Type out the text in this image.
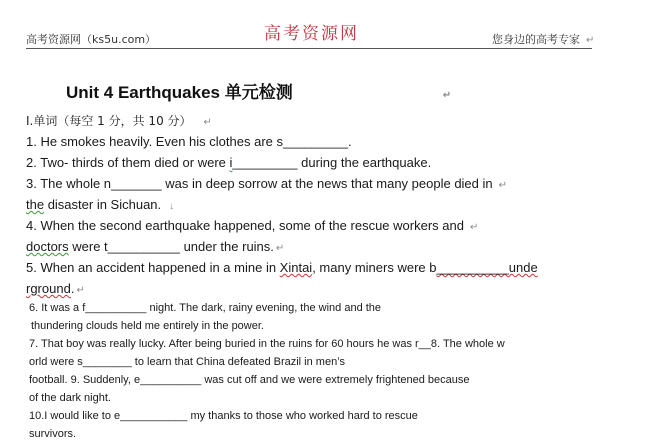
高考资源网（ks5u.com）	高考资源网	您身边的高考专家 ↵
Unit 4 Earthquakes 单元检测	↵
Ⅰ.单词（每空 1 分，共 10 分） ↵
1. He smokes heavily. Even his clothes are s_________.
2. Two- thirds of them died or were i_________ during the earthquake.
3. The whole n_______ was in deep sorrow at the news that many people died in ↵
the disaster in Sichuan. ↓
4. When the second earthquake happened, some of the rescue workers and ↵
doctors were t__________ under the ruins. ↵
5. When an accident happened in a mine in Xintai, many miners were b__________unde
rground. ↵
6. It was a f__________ night. The dark, rainy evening, the wind and the
thundering clouds held me entirely in the power.
7. That boy was really lucky. After being buried in the ruins for 60 hours he was r__8. The whole w
orld were s________ to learn that China defeated Brazil in men’s
football. 9. Suddenly, e__________ was cut off and we were extremely frightened because
of the dark night.
10.I would like to e___________ my thanks to those who worked hard to rescue
survivors.
